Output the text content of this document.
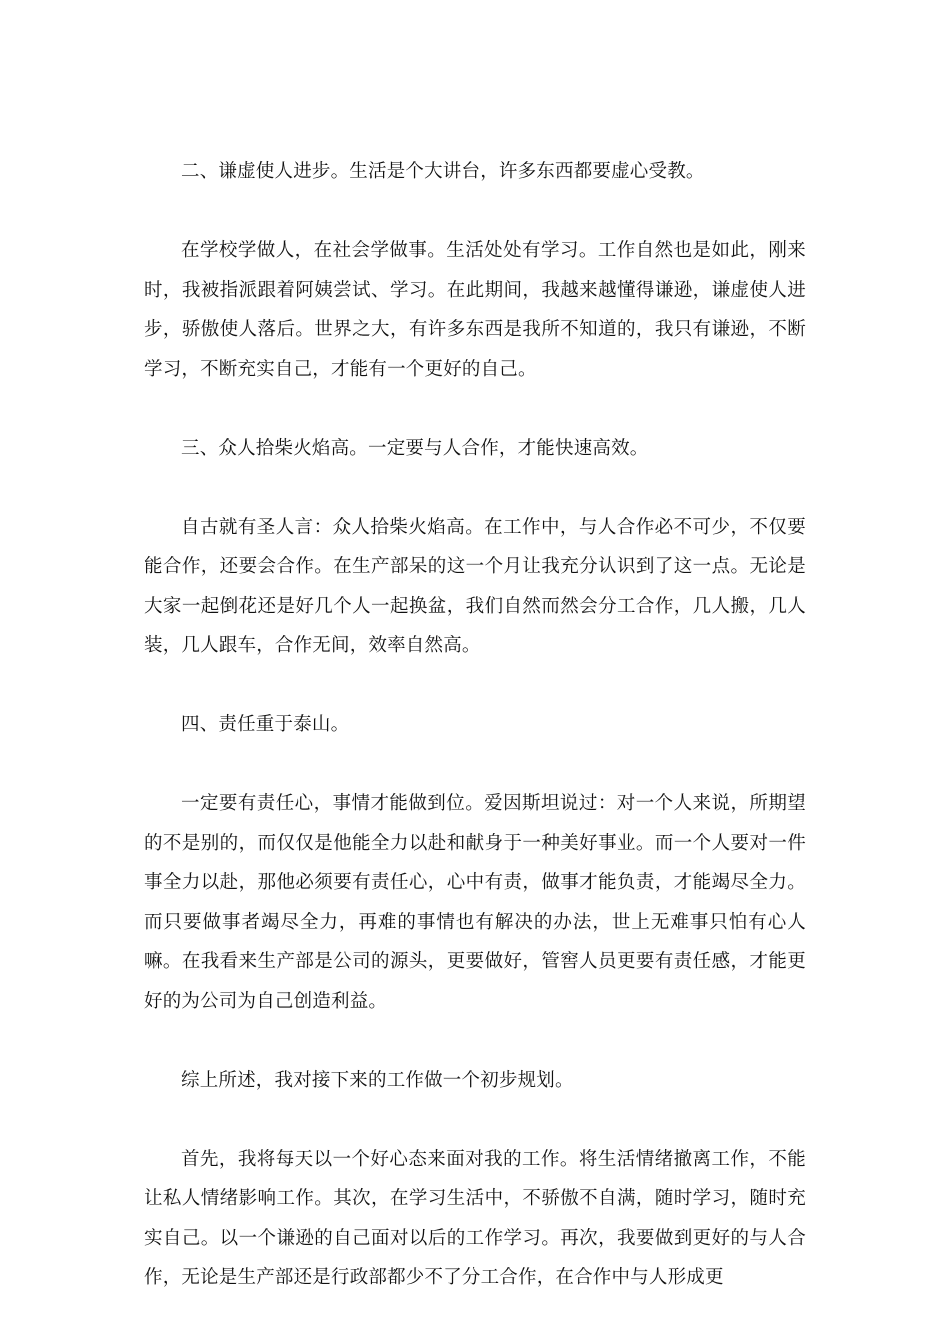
二、谦虚使人进步。生活是个大讲台，许多东西都要虚心受教。

在学校学做人，在社会学做事。生活处处有学习。工作自然也是如此，刚来时，我被指派跟着阿姨尝试、学习。在此期间，我越来越懂得谦逊，谦虚使人进步，骄傲使人落后。世界之大，有许多东西是我所不知道的，我只有谦逊，不断学习，不断充实自己，才能有一个更好的自己。

三、众人拾柴火焰高。一定要与人合作，才能快速高效。

自古就有圣人言：众人拾柴火焰高。在工作中，与人合作必不可少，不仅要能合作，还要会合作。在生产部呆的这一个月让我充分认识到了这一点。无论是大家一起倒花还是好几个人一起换盆，我们自然而然会分工合作，几人搬，几人装，几人跟车，合作无间，效率自然高。

四、责任重于泰山。

一定要有责任心，事情才能做到位。爱因斯坦说过：对一个人来说，所期望的不是别的，而仅仅是他能全力以赴和献身于一种美好事业。而一个人要对一件事全力以赴，那他必须要有责任心，心中有责，做事才能负责，才能竭尽全力。而只要做事者竭尽全力，再难的事情也有解决的办法，世上无难事只怕有心人嘛。在我看来生产部是公司的源头，更要做好，管窖人员更要有责任感，才能更好的为公司为自己创造利益。

综上所述，我对接下来的工作做一个初步规划。

首先，我将每天以一个好心态来面对我的工作。将生活情绪撤离工作，不能让私人情绪影响工作。其次，在学习生活中，不骄傲不自满，随时学习，随时充实自己。以一个谦逊的自己面对以后的工作学习。再次，我要做到更好的与人合作，无论是生产部还是行政部都少不了分工合作，在合作中与人形成更
